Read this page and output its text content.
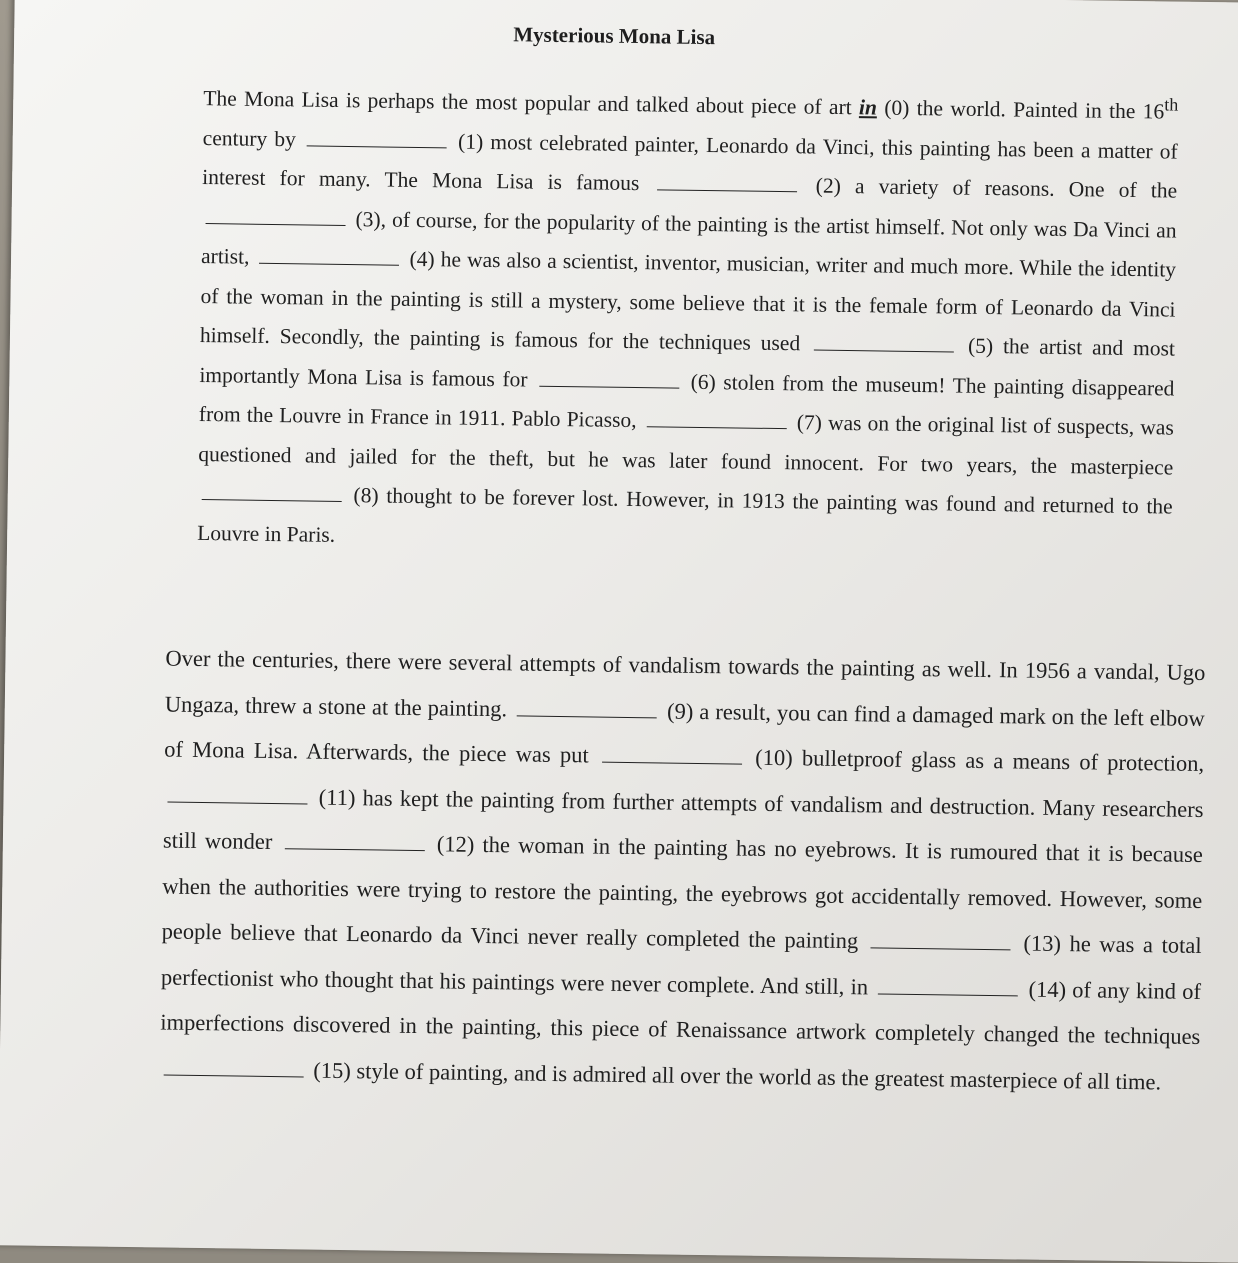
Mysterious Mona Lisa
The Mona Lisa is perhaps the most popular and talked about piece of art in (0) the world. Painted in the 16th century by	(1) most celebrated painter, Leonardo da Vinci, this painting has been a matter of interest for many. The Mona Lisa is famous	(2) a variety of reasons. One of the  (3), of course, for the popularity of the painting is the artist himself. Not only was Da Vinci an artist,	(4) he was also a scientist, inventor, musician, writer and much more. While the identity of the woman in the painting is still a mystery, some believe that it is the female form of Leonardo da Vinci himself. Secondly, the painting is famous for the techniques used	(5) the artist and most importantly Mona Lisa is famous for	(6) stolen from the museum! The painting disappeared from the Louvre in France in 1911. Pablo Picasso,	(7) was on the original list of suspects, was questioned and jailed for the theft, but he was later found innocent. For two years, the masterpiece  (8) thought to be forever lost. However, in 1913 the painting was found and returned to the Louvre in Paris.
Over the centuries, there were several attempts of vandalism towards the painting as well. In 1956 a vandal, Ugo Ungaza, threw a stone at the painting.	(9) a result, you can find a damaged mark on the left elbow of Mona Lisa. Afterwards, the piece was put	(10) bulletproof glass as a means of protection,  (11) has kept the painting from further attempts of vandalism and destruction. Many researchers still wonder	(12) the woman in the painting has no eyebrows. It is rumoured that it is because when the authorities were trying to restore the painting, the eyebrows got accidentally removed. However, some people believe that Leonardo da Vinci never really completed the painting	(13) he was a total perfectionist who thought that his paintings were never complete. And still, in	(14) of any kind of imperfections discovered in the painting, this piece of Renaissance artwork completely changed the techniques  (15) style of painting, and is admired all over the world as the greatest masterpiece of all time.
